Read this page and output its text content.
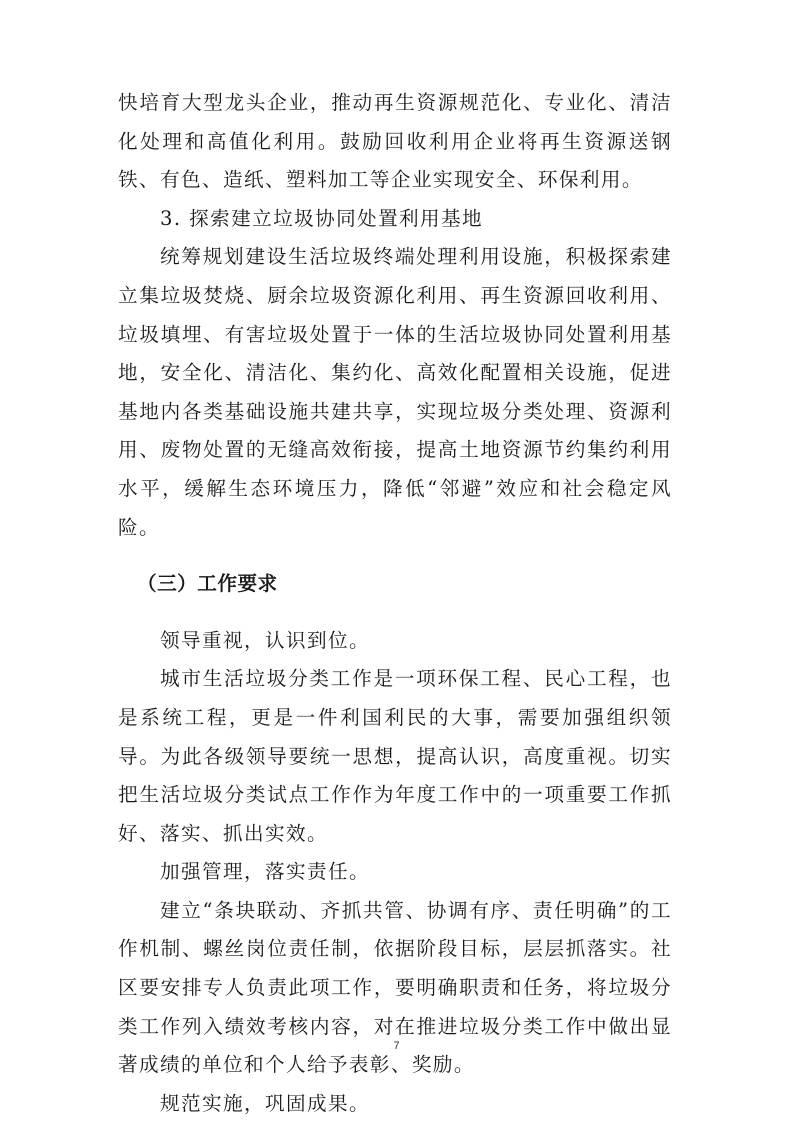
快培育大型龙头企业，推动再生资源规范化、专业化、清洁化处理和高值化利用。鼓励回收利用企业将再生资源送钢铁、有色、造纸、塑料加工等企业实现安全、环保利用。

3. 探索建立垃圾协同处置利用基地

统筹规划建设生活垃圾终端处理利用设施，积极探索建立集垃圾焚烧、厨余垃圾资源化利用、再生资源回收利用、垃圾填埋、有害垃圾处置于一体的生活垃圾协同处置利用基地，安全化、清洁化、集约化、高效化配置相关设施，促进基地内各类基础设施共建共享，实现垃圾分类处理、资源利用、废物处置的无缝高效衔接，提高土地资源节约集约利用水平，缓解生态环境压力，降低“邻避”效应和社会稳定风险。

（三）工作要求

领导重视，认识到位。

城市生活垃圾分类工作是一项环保工程、民心工程，也是系统工程，更是一件利国利民的大事，需要加强组织领导。为此各级领导要统一思想，提高认识，高度重视。切实把生活垃圾分类试点工作作为年度工作中的一项重要工作抓好、落实、抓出实效。

加强管理，落实责任。

建立“条块联动、齐抓共管、协调有序、责任明确”的工作机制、螺丝岗位责任制，依据阶段目标，层层抓落实。社区要安排专人负责此项工作，要明确职责和任务，将垃圾分类工作列入绩效考核内容，对在推进垃圾分类工作中做出显著成绩的单位和个人给予表彰、奖励。

规范实施，巩固成果。

7
